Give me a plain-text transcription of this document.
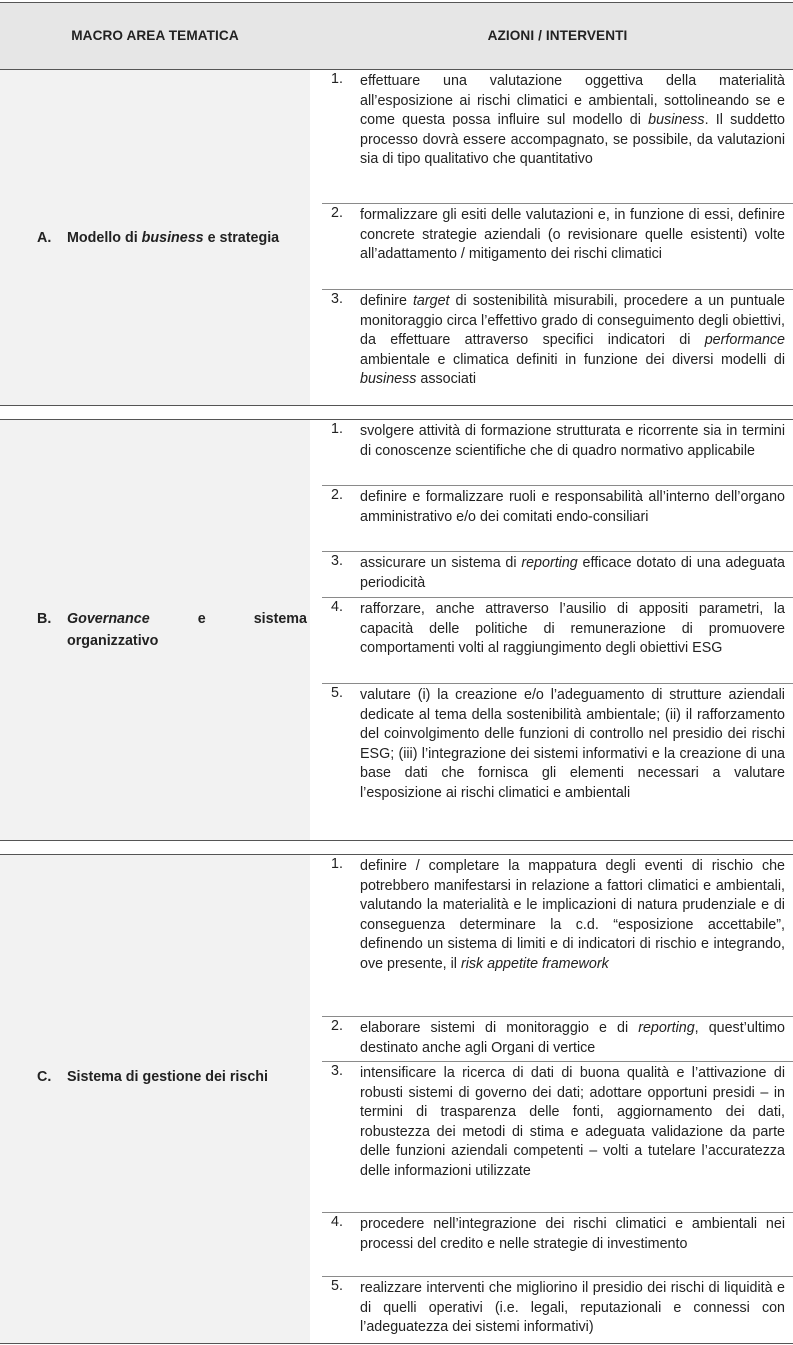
MACRO AREA TEMATICA	AZIONI / INTERVENTI
A. Modello di business e strategia
1.	effettuare una valutazione oggettiva della materialità all’esposizione ai rischi climatici e ambientali, sottolineando se e come questa possa influire sul modello di business. Il suddetto processo dovrà essere accompagnato, se possibile, da valutazioni sia di tipo qualitativo che quantitativo
2.	formalizzare gli esiti delle valutazioni e, in funzione di essi, definire concrete strategie aziendali (o revisionare quelle esistenti) volte all’adattamento / mitigamento dei rischi climatici
3.	definire target di sostenibilità misurabili, procedere a un puntuale monitoraggio circa l’effettivo grado di conseguimento degli obiettivi, da effettuare attraverso specifici indicatori di performance ambientale e climatica definiti in funzione dei diversi modelli di business associati
B. Governance	e	sistema
organizzativo
1.	svolgere attività di formazione strutturata e ricorrente sia in termini di conoscenze scientifiche che di quadro normativo applicabile
2.	definire e formalizzare ruoli e responsabilità all’interno dell’organo amministrativo e/o dei comitati endo-consiliari
3.	assicurare un sistema di reporting efficace dotato di una adeguata periodicità
4.	rafforzare, anche attraverso l’ausilio di appositi parametri, la capacità delle politiche di remunerazione di promuovere comportamenti volti al raggiungimento degli obiettivi ESG
5.	valutare (i) la creazione e/o l’adeguamento di strutture aziendali dedicate al tema della sostenibilità ambientale; (ii) il rafforzamento del coinvolgimento delle funzioni di controllo nel presidio dei rischi ESG; (iii) l’integrazione dei sistemi informativi e la creazione di una base dati che fornisca gli elementi necessari a valutare l’esposizione ai rischi climatici e ambientali
C. Sistema di gestione dei rischi
1.	definire / completare la mappatura degli eventi di rischio che potrebbero manifestarsi in relazione a fattori climatici e ambientali, valutando la materialità e le implicazioni di natura prudenziale e di conseguenza determinare la c.d. “esposizione accettabile”, definendo un sistema di limiti e di indicatori di rischio e integrando, ove presente, il risk appetite framework
2.	elaborare sistemi di monitoraggio e di reporting, quest’ultimo destinato anche agli Organi di vertice
3.	intensificare la ricerca di dati di buona qualità e l’attivazione di robusti sistemi di governo dei dati; adottare opportuni presidi – in termini di trasparenza delle fonti, aggiornamento dei dati, robustezza dei metodi di stima e adeguata validazione da parte delle funzioni aziendali competenti – volti a tutelare l’accuratezza delle informazioni utilizzate
4.	procedere nell’integrazione dei rischi climatici e ambientali nei processi del credito e nelle strategie di investimento
5.	realizzare interventi che migliorino il presidio dei rischi di liquidità e di quelli operativi (i.e. legali, reputazionali e connessi con l’adeguatezza dei sistemi informativi)
